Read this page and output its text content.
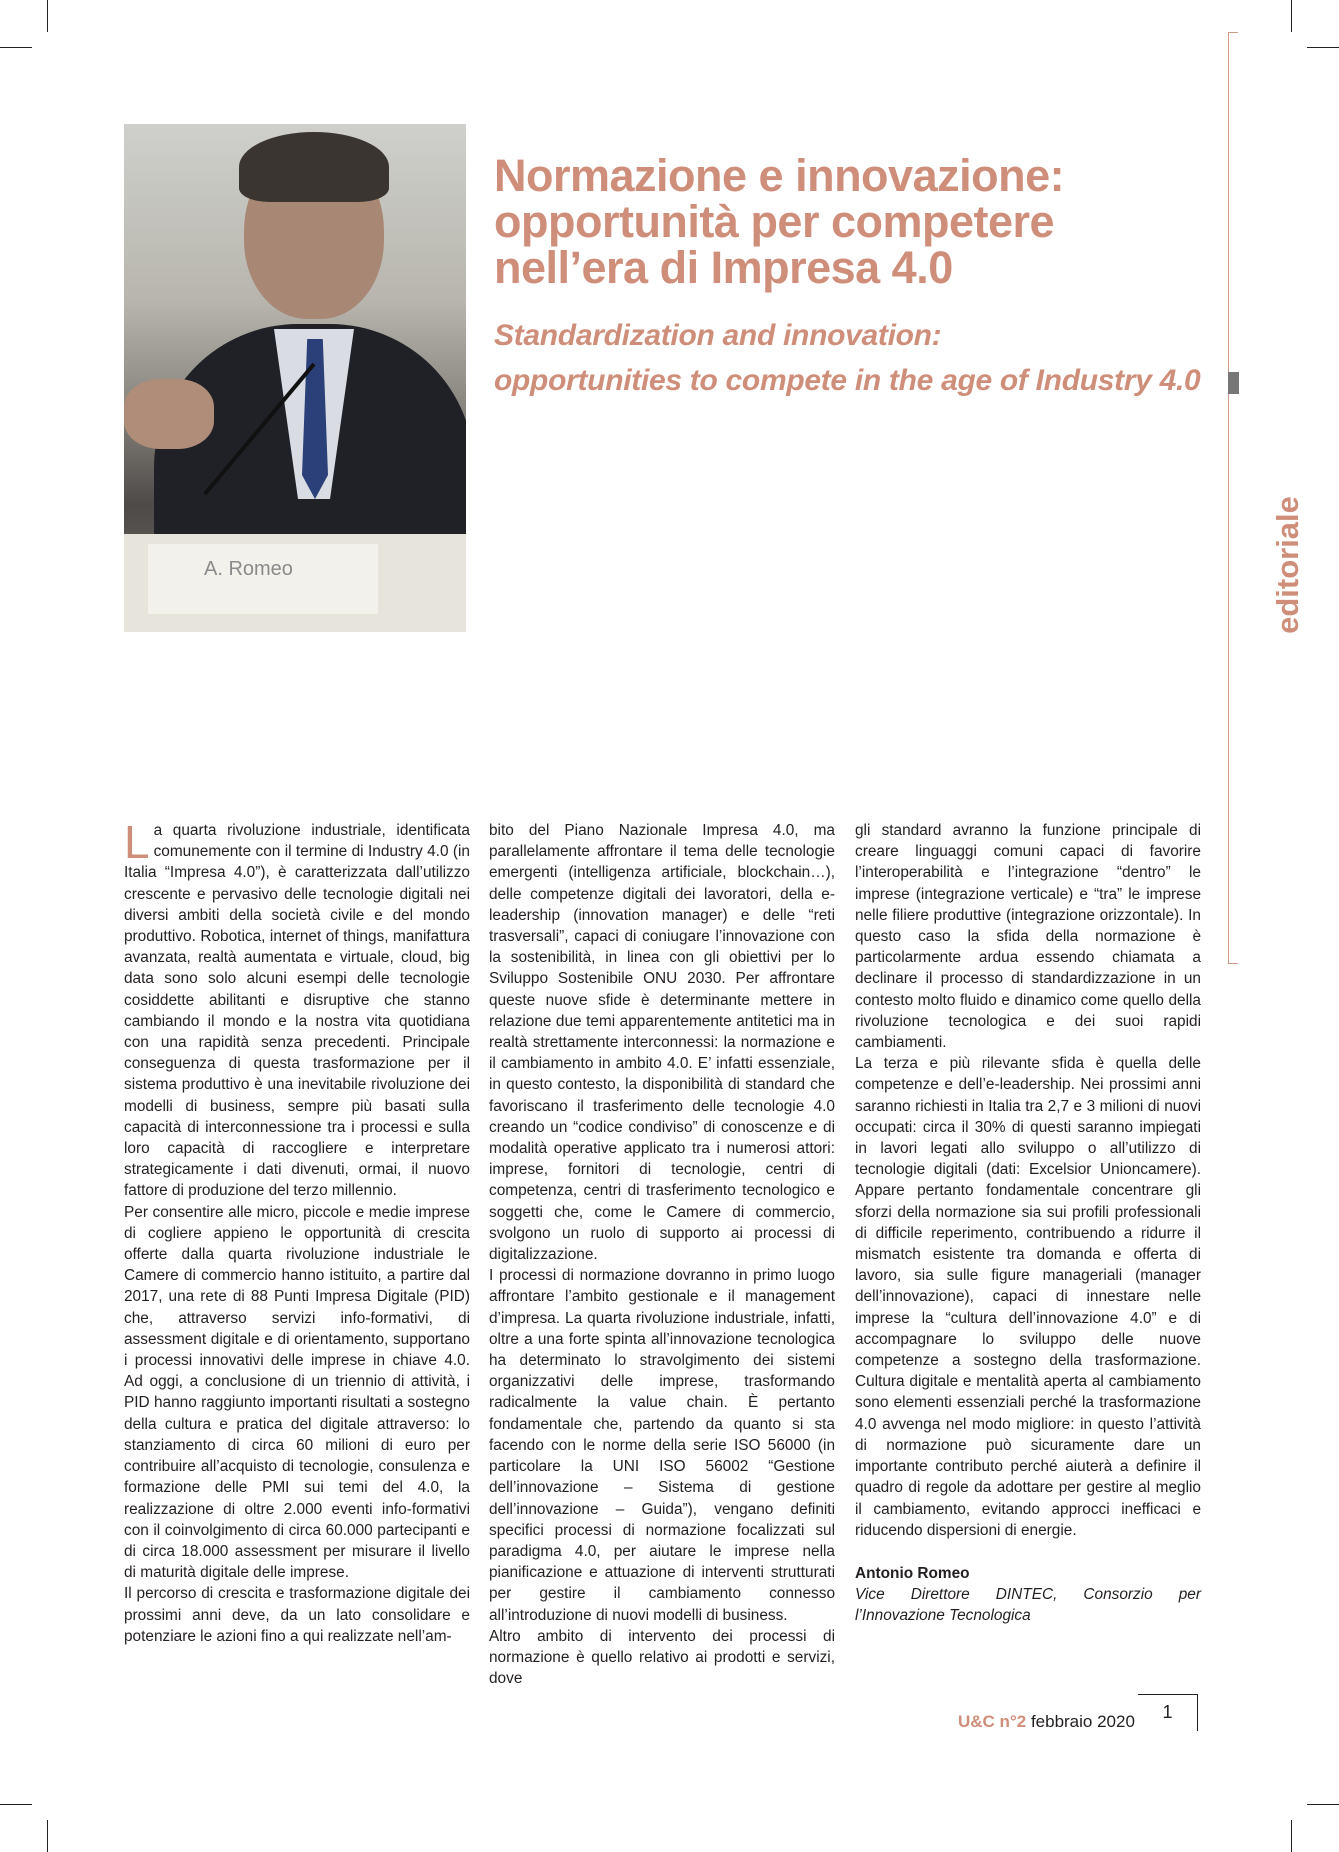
A. Romeo
Normazione e innovazione: opportunità per competere nell’era di Impresa 4.0
Standardization and innovation:
opportunities to compete in the age of Industry 4.0
editoriale

La quarta rivoluzione industriale, identificata comunemente con il termine di Industry 4.0 (in Italia “Impresa 4.0”), è caratterizzata dall’utilizzo crescente e pervasivo delle tecnologie digitali nei diversi ambiti della società civile e del mondo produttivo. Robotica, internet of things, manifattura avanzata, realtà aumentata e virtuale, cloud, big data sono solo alcuni esempi delle tecnologie cosiddette abilitanti e disruptive che stanno cambiando il mondo e la nostra vita quotidiana con una rapidità senza precedenti. Principale conseguenza di questa trasformazione per il sistema produttivo è una inevitabile rivoluzione dei modelli di business, sempre più basati sulla capacità di interconnessione tra i processi e sulla loro capacità di raccogliere e interpretare strategicamente i dati divenuti, ormai, il nuovo fattore di produzione del terzo millennio.

Per consentire alle micro, piccole e medie imprese di cogliere appieno le opportunità di crescita offerte dalla quarta rivoluzione industriale le Camere di commercio hanno istituito, a partire dal 2017, una rete di 88 Punti Impresa Digitale (PID) che, attraverso servizi info-formativi, di assessment digitale e di orientamento, supportano i processi innovativi delle imprese in chiave 4.0. Ad oggi, a conclusione di un triennio di attività, i PID hanno raggiunto importanti risultati a sostegno della cultura e pratica del digitale attraverso: lo stanziamento di circa 60 milioni di euro per contribuire all’acquisto di tecnologie, consulenza e formazione delle PMI sui temi del 4.0, la realizzazione di oltre 2.000 eventi info-formativi con il coinvolgimento di circa 60.000 partecipanti e di circa 18.000 assessment per misurare il livello di maturità digitale delle imprese.

Il percorso di crescita e trasformazione digitale dei prossimi anni deve, da un lato consolidare e potenziare le azioni fino a qui realizzate nell’am-

bito del Piano Nazionale Impresa 4.0, ma parallelamente affrontare il tema delle tecnologie emergenti (intelligenza artificiale, blockchain…), delle competenze digitali dei lavoratori, della e-leadership (innovation manager) e delle “reti trasversali”, capaci di coniugare l’innovazione con la sostenibilità, in linea con gli obiettivi per lo Sviluppo Sostenibile ONU 2030. Per affrontare queste nuove sfide è determinante mettere in relazione due temi apparentemente antitetici ma in realtà strettamente interconnessi: la normazione e il cambiamento in ambito 4.0. E’ infatti essenziale, in questo contesto, la disponibilità di standard che favoriscano il trasferimento delle tecnologie 4.0 creando un “codice condiviso” di conoscenze e di modalità operative applicato tra i numerosi attori: imprese, fornitori di tecnologie, centri di competenza, centri di trasferimento tecnologico e soggetti che, come le Camere di commercio, svolgono un ruolo di supporto ai processi di digitalizzazione.

I processi di normazione dovranno in primo luogo affrontare l’ambito gestionale e il management d’impresa. La quarta rivoluzione industriale, infatti, oltre a una forte spinta all’innovazione tecnologica ha determinato lo stravolgimento dei sistemi organizzativi delle imprese, trasformando radicalmente la value chain. È pertanto fondamentale che, partendo da quanto si sta facendo con le norme della serie ISO 56000 (in particolare la UNI ISO 56002 “Gestione dell’innovazione – Sistema di gestione dell’innovazione – Guida”), vengano definiti specifici processi di normazione focalizzati sul paradigma 4.0, per aiutare le imprese nella pianificazione e attuazione di interventi strutturati per gestire il cambiamento connesso all’introduzione di nuovi modelli di business.

Altro ambito di intervento dei processi di normazione è quello relativo ai prodotti e servizi, dove

gli standard avranno la funzione principale di creare linguaggi comuni capaci di favorire l’interoperabilità e l’integrazione “dentro” le imprese (integrazione verticale) e “tra” le imprese nelle filiere produttive (integrazione orizzontale). In questo caso la sfida della normazione è particolarmente ardua essendo chiamata a declinare il processo di standardizzazione in un contesto molto fluido e dinamico come quello della rivoluzione tecnologica e dei suoi rapidi cambiamenti.

La terza e più rilevante sfida è quella delle competenze e dell’e-leadership. Nei prossimi anni saranno richiesti in Italia tra 2,7 e 3 milioni di nuovi occupati: circa il 30% di questi saranno impiegati in lavori legati allo sviluppo o all’utilizzo di tecnologie digitali (dati: Excelsior Unioncamere). Appare pertanto fondamentale concentrare gli sforzi della normazione sia sui profili professionali di difficile reperimento, contribuendo a ridurre il mismatch esistente tra domanda e offerta di lavoro, sia sulle figure manageriali (manager dell’innovazione), capaci di innestare nelle imprese la “cultura dell’innovazione 4.0” e di accompagnare lo sviluppo delle nuove competenze a sostegno della trasformazione. Cultura digitale e mentalità aperta al cambiamento sono elementi essenziali perché la trasformazione 4.0 avvenga nel modo migliore: in questo l’attività di normazione può sicuramente dare un importante contributo perché aiuterà a definire il quadro di regole da adottare per gestire al meglio il cambiamento, evitando approcci inefficaci e riducendo dispersioni di energie.

Antonio Romeo

Vice Direttore DINTEC, Consorzio per l’Innovazione Tecnologica

U&C n°2 febbraio 2020	1
